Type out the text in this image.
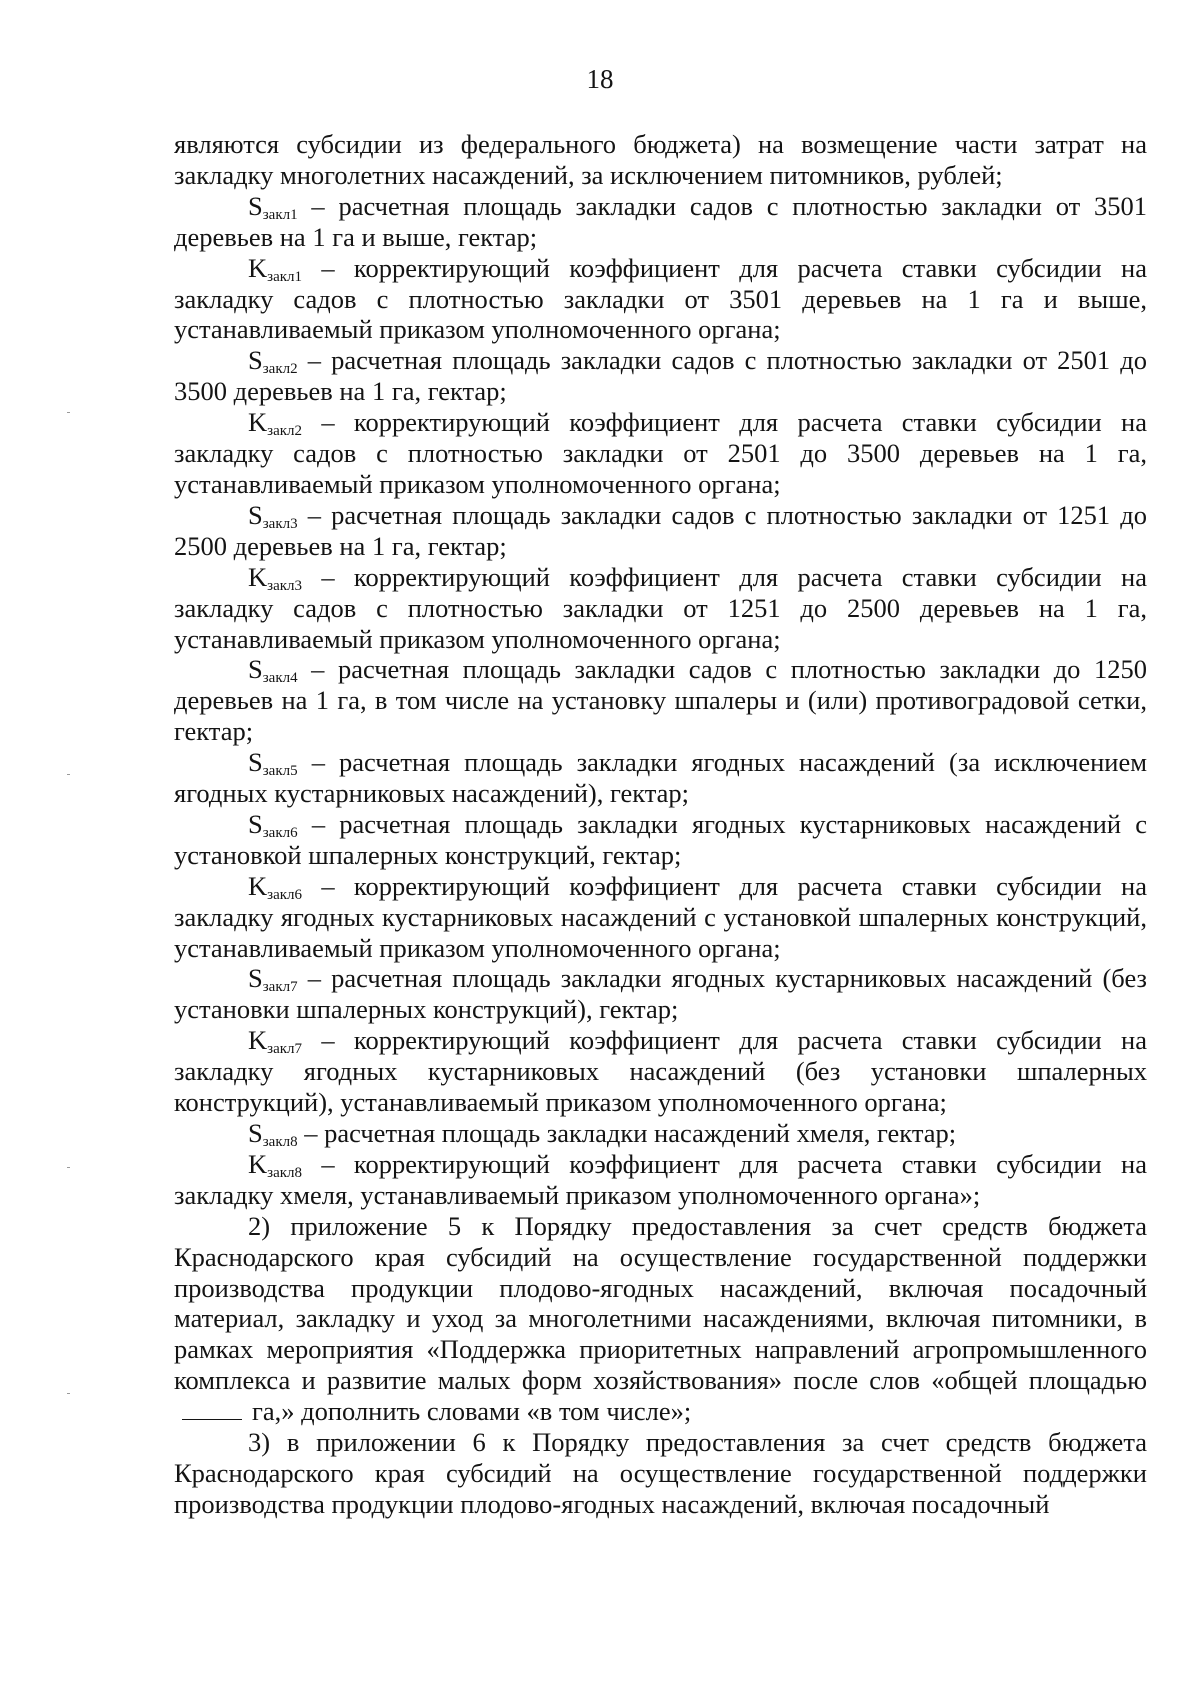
18

являются субсидии из федерального бюджета) на возмещение части затрат на закладку многолетних насаждений, за исключением питомников, рублей;

$S_{закл1}$ – расчетная площадь закладки садов с плотностью закладки от 3501 деревьев на 1 га и выше, гектар;

$K_{закл1}$ – корректирующий коэффициент для расчета ставки субсидии на закладку садов с плотностью закладки от 3501 деревьев на 1 га и выше, устанавливаемый приказом уполномоченного органа;

$S_{закл2}$ – расчетная площадь закладки садов с плотностью закладки от 2501 до 3500 деревьев на 1 га, гектар;

$K_{закл2}$ – корректирующий коэффициент для расчета ставки субсидии на закладку садов с плотностью закладки от 2501 до 3500 деревьев на 1 га, устанавливаемый приказом уполномоченного органа;

$S_{закл3}$ – расчетная площадь закладки садов с плотностью закладки от 1251 до 2500 деревьев на 1 га, гектар;

$K_{закл3}$ – корректирующий коэффициент для расчета ставки субсидии на закладку садов с плотностью закладки от 1251 до 2500 деревьев на 1 га, устанавливаемый приказом уполномоченного органа;

$S_{закл4}$ – расчетная площадь закладки садов с плотностью закладки до 1250 деревьев на 1 га, в том числе на установку шпалеры и (или) противоградовой сетки, гектар;

$S_{закл5}$ – расчетная площадь закладки ягодных насаждений (за исключением ягодных кустарниковых насаждений), гектар;

$S_{закл6}$ – расчетная площадь закладки ягодных кустарниковых насаждений с установкой шпалерных конструкций, гектар;

$K_{закл6}$ – корректирующий коэффициент для расчета ставки субсидии на закладку ягодных кустарниковых насаждений с установкой шпалерных конструкций, устанавливаемый приказом уполномоченного органа;

$S_{закл7}$ – расчетная площадь закладки ягодных кустарниковых насаждений (без установки шпалерных конструкций), гектар;

$K_{закл7}$ – корректирующий коэффициент для расчета ставки субсидии на закладку ягодных кустарниковых насаждений (без установки шпалерных конструкций), устанавливаемый приказом уполномоченного органа;

$S_{закл8}$ – расчетная площадь закладки насаждений хмеля, гектар;

$K_{закл8}$ – корректирующий коэффициент для расчета ставки субсидии на закладку хмеля, устанавливаемый приказом уполномоченного органа»;

2) приложение 5 к Порядку предоставления за счет средств бюджета Краснодарского края субсидий на осуществление государственной поддержки производства продукции плодово-ягодных насаждений, включая посадочный материал, закладку и уход за многолетними насаждениями, включая питомники, в рамках мероприятия «Поддержка приоритетных направлений агропромышленного комплекса и развитие малых форм хозяйствования» после слов «общей площадьюга,» дополнить словами «в том числе»;

3) в приложении 6 к Порядку предоставления за счет средств бюджета Краснодарского края субсидий на осуществление государственной поддержки производства продукции плодово-ягодных насаждений, включая посадочный
